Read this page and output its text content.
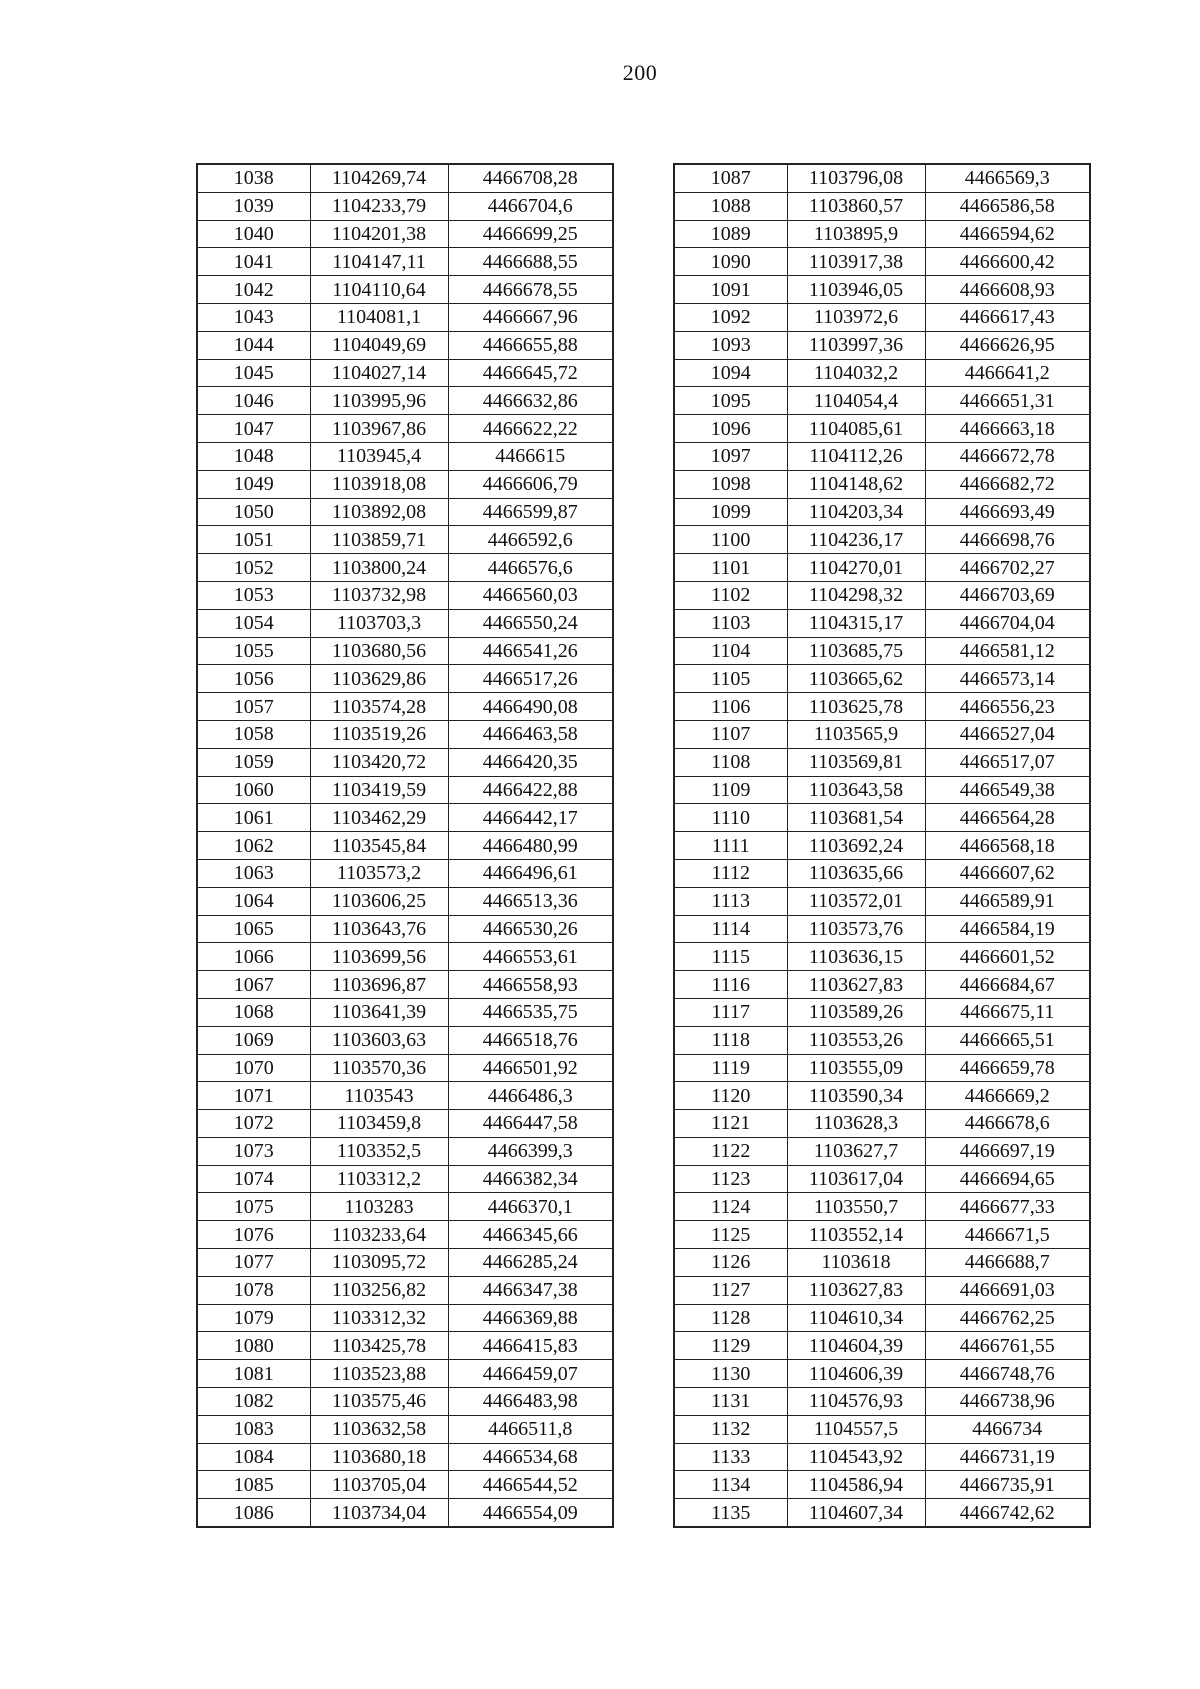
200
1038	1104269,74	4466708,28
1039	1104233,79	4466704,6
1040	1104201,38	4466699,25
1041	1104147,11	4466688,55
1042	1104110,64	4466678,55
1043	1104081,1	4466667,96
1044	1104049,69	4466655,88
1045	1104027,14	4466645,72
1046	1103995,96	4466632,86
1047	1103967,86	4466622,22
1048	1103945,4	4466615
1049	1103918,08	4466606,79
1050	1103892,08	4466599,87
1051	1103859,71	4466592,6
1052	1103800,24	4466576,6
1053	1103732,98	4466560,03
1054	1103703,3	4466550,24
1055	1103680,56	4466541,26
1056	1103629,86	4466517,26
1057	1103574,28	4466490,08
1058	1103519,26	4466463,58
1059	1103420,72	4466420,35
1060	1103419,59	4466422,88
1061	1103462,29	4466442,17
1062	1103545,84	4466480,99
1063	1103573,2	4466496,61
1064	1103606,25	4466513,36
1065	1103643,76	4466530,26
1066	1103699,56	4466553,61
1067	1103696,87	4466558,93
1068	1103641,39	4466535,75
1069	1103603,63	4466518,76
1070	1103570,36	4466501,92
1071	1103543	4466486,3
1072	1103459,8	4466447,58
1073	1103352,5	4466399,3
1074	1103312,2	4466382,34
1075	1103283	4466370,1
1076	1103233,64	4466345,66
1077	1103095,72	4466285,24
1078	1103256,82	4466347,38
1079	1103312,32	4466369,88
1080	1103425,78	4466415,83
1081	1103523,88	4466459,07
1082	1103575,46	4466483,98
1083	1103632,58	4466511,8
1084	1103680,18	4466534,68
1085	1103705,04	4466544,52
1086	1103734,04	4466554,09
1087	1103796,08	4466569,3
1088	1103860,57	4466586,58
1089	1103895,9	4466594,62
1090	1103917,38	4466600,42
1091	1103946,05	4466608,93
1092	1103972,6	4466617,43
1093	1103997,36	4466626,95
1094	1104032,2	4466641,2
1095	1104054,4	4466651,31
1096	1104085,61	4466663,18
1097	1104112,26	4466672,78
1098	1104148,62	4466682,72
1099	1104203,34	4466693,49
1100	1104236,17	4466698,76
1101	1104270,01	4466702,27
1102	1104298,32	4466703,69
1103	1104315,17	4466704,04
1104	1103685,75	4466581,12
1105	1103665,62	4466573,14
1106	1103625,78	4466556,23
1107	1103565,9	4466527,04
1108	1103569,81	4466517,07
1109	1103643,58	4466549,38
1110	1103681,54	4466564,28
1111	1103692,24	4466568,18
1112	1103635,66	4466607,62
1113	1103572,01	4466589,91
1114	1103573,76	4466584,19
1115	1103636,15	4466601,52
1116	1103627,83	4466684,67
1117	1103589,26	4466675,11
1118	1103553,26	4466665,51
1119	1103555,09	4466659,78
1120	1103590,34	4466669,2
1121	1103628,3	4466678,6
1122	1103627,7	4466697,19
1123	1103617,04	4466694,65
1124	1103550,7	4466677,33
1125	1103552,14	4466671,5
1126	1103618	4466688,7
1127	1103627,83	4466691,03
1128	1104610,34	4466762,25
1129	1104604,39	4466761,55
1130	1104606,39	4466748,76
1131	1104576,93	4466738,96
1132	1104557,5	4466734
1133	1104543,92	4466731,19
1134	1104586,94	4466735,91
1135	1104607,34	4466742,62
